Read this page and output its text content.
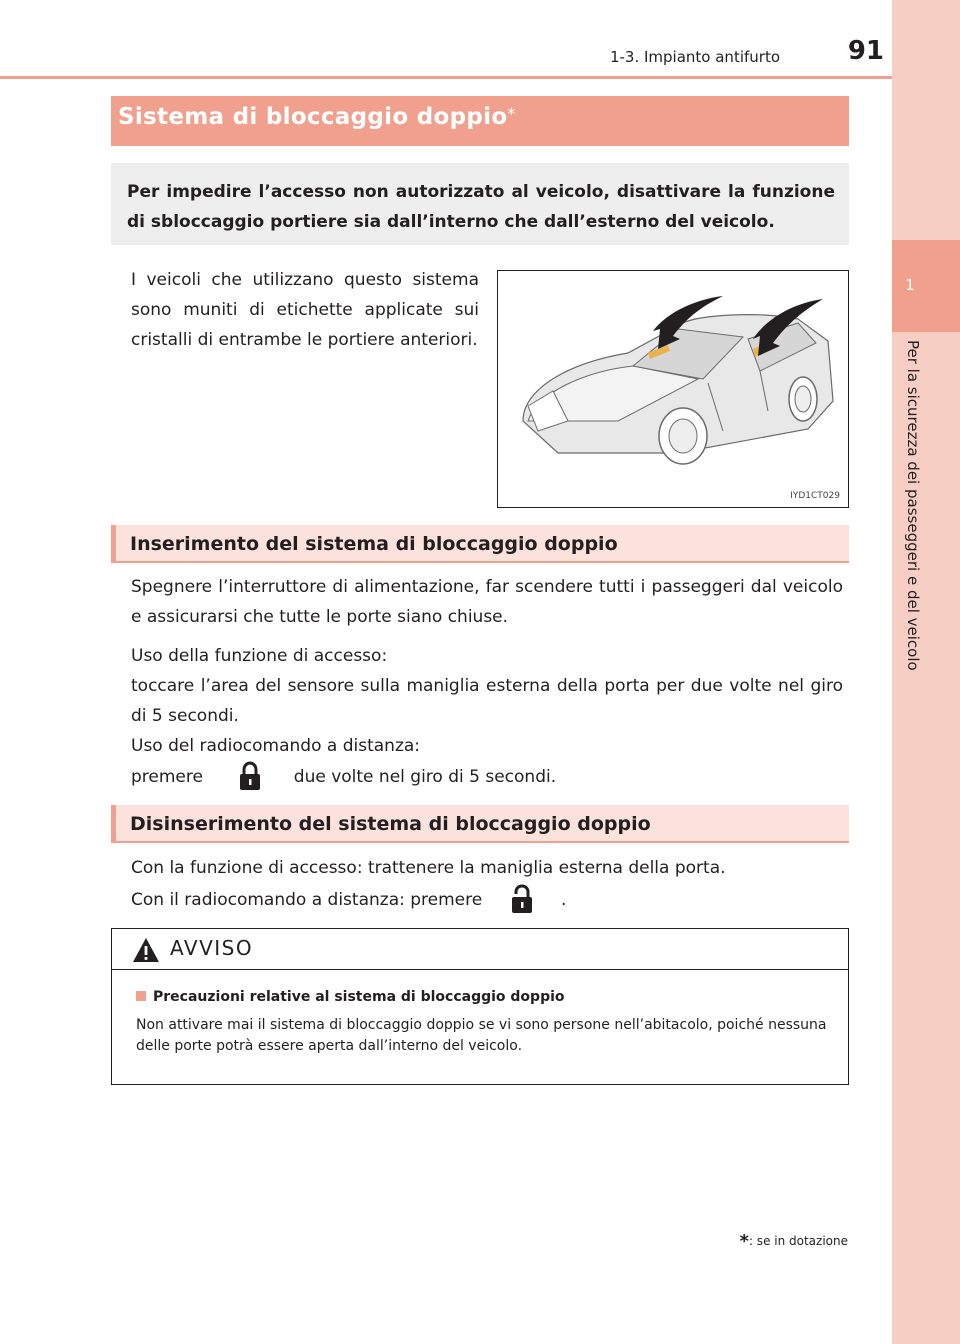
1
Per la sicurezza dei passeggeri e del veicolo
1-3. Impianto antifurto	91
Sistema di bloccaggio doppio*
Per impedire l’accesso non autorizzato al veicolo, disattivare la funzione di sbloccaggio portiere sia dall’interno che dall’esterno del veicolo.
I veicoli che utilizzano questo sistema sono muniti di etichette applicate sui cristalli di entrambe le portiere anteriori.
IYD1CT029
Inserimento del sistema di bloccaggio doppio
Spegnere l’interruttore di alimentazione, far scendere tutti i passeggeri dal veicolo e assicurarsi che tutte le porte siano chiuse.
Uso della funzione di accesso:
toccare l’area del sensore sulla maniglia esterna della porta per due volte nel giro di 5 secondi.
Uso del radiocomando a distanza:
premere	due volte nel giro di 5 secondi.
Disinserimento del sistema di bloccaggio doppio
Con la funzione di accesso: trattenere la maniglia esterna della porta.
Con il radiocomando a distanza: premere	.
AVVISO
Precauzioni relative al sistema di bloccaggio doppio
Non attivare mai il sistema di bloccaggio doppio se vi sono persone nell’abitacolo, poiché nessuna delle porte potrà essere aperta dall’interno del veicolo.
*: se in dotazione
